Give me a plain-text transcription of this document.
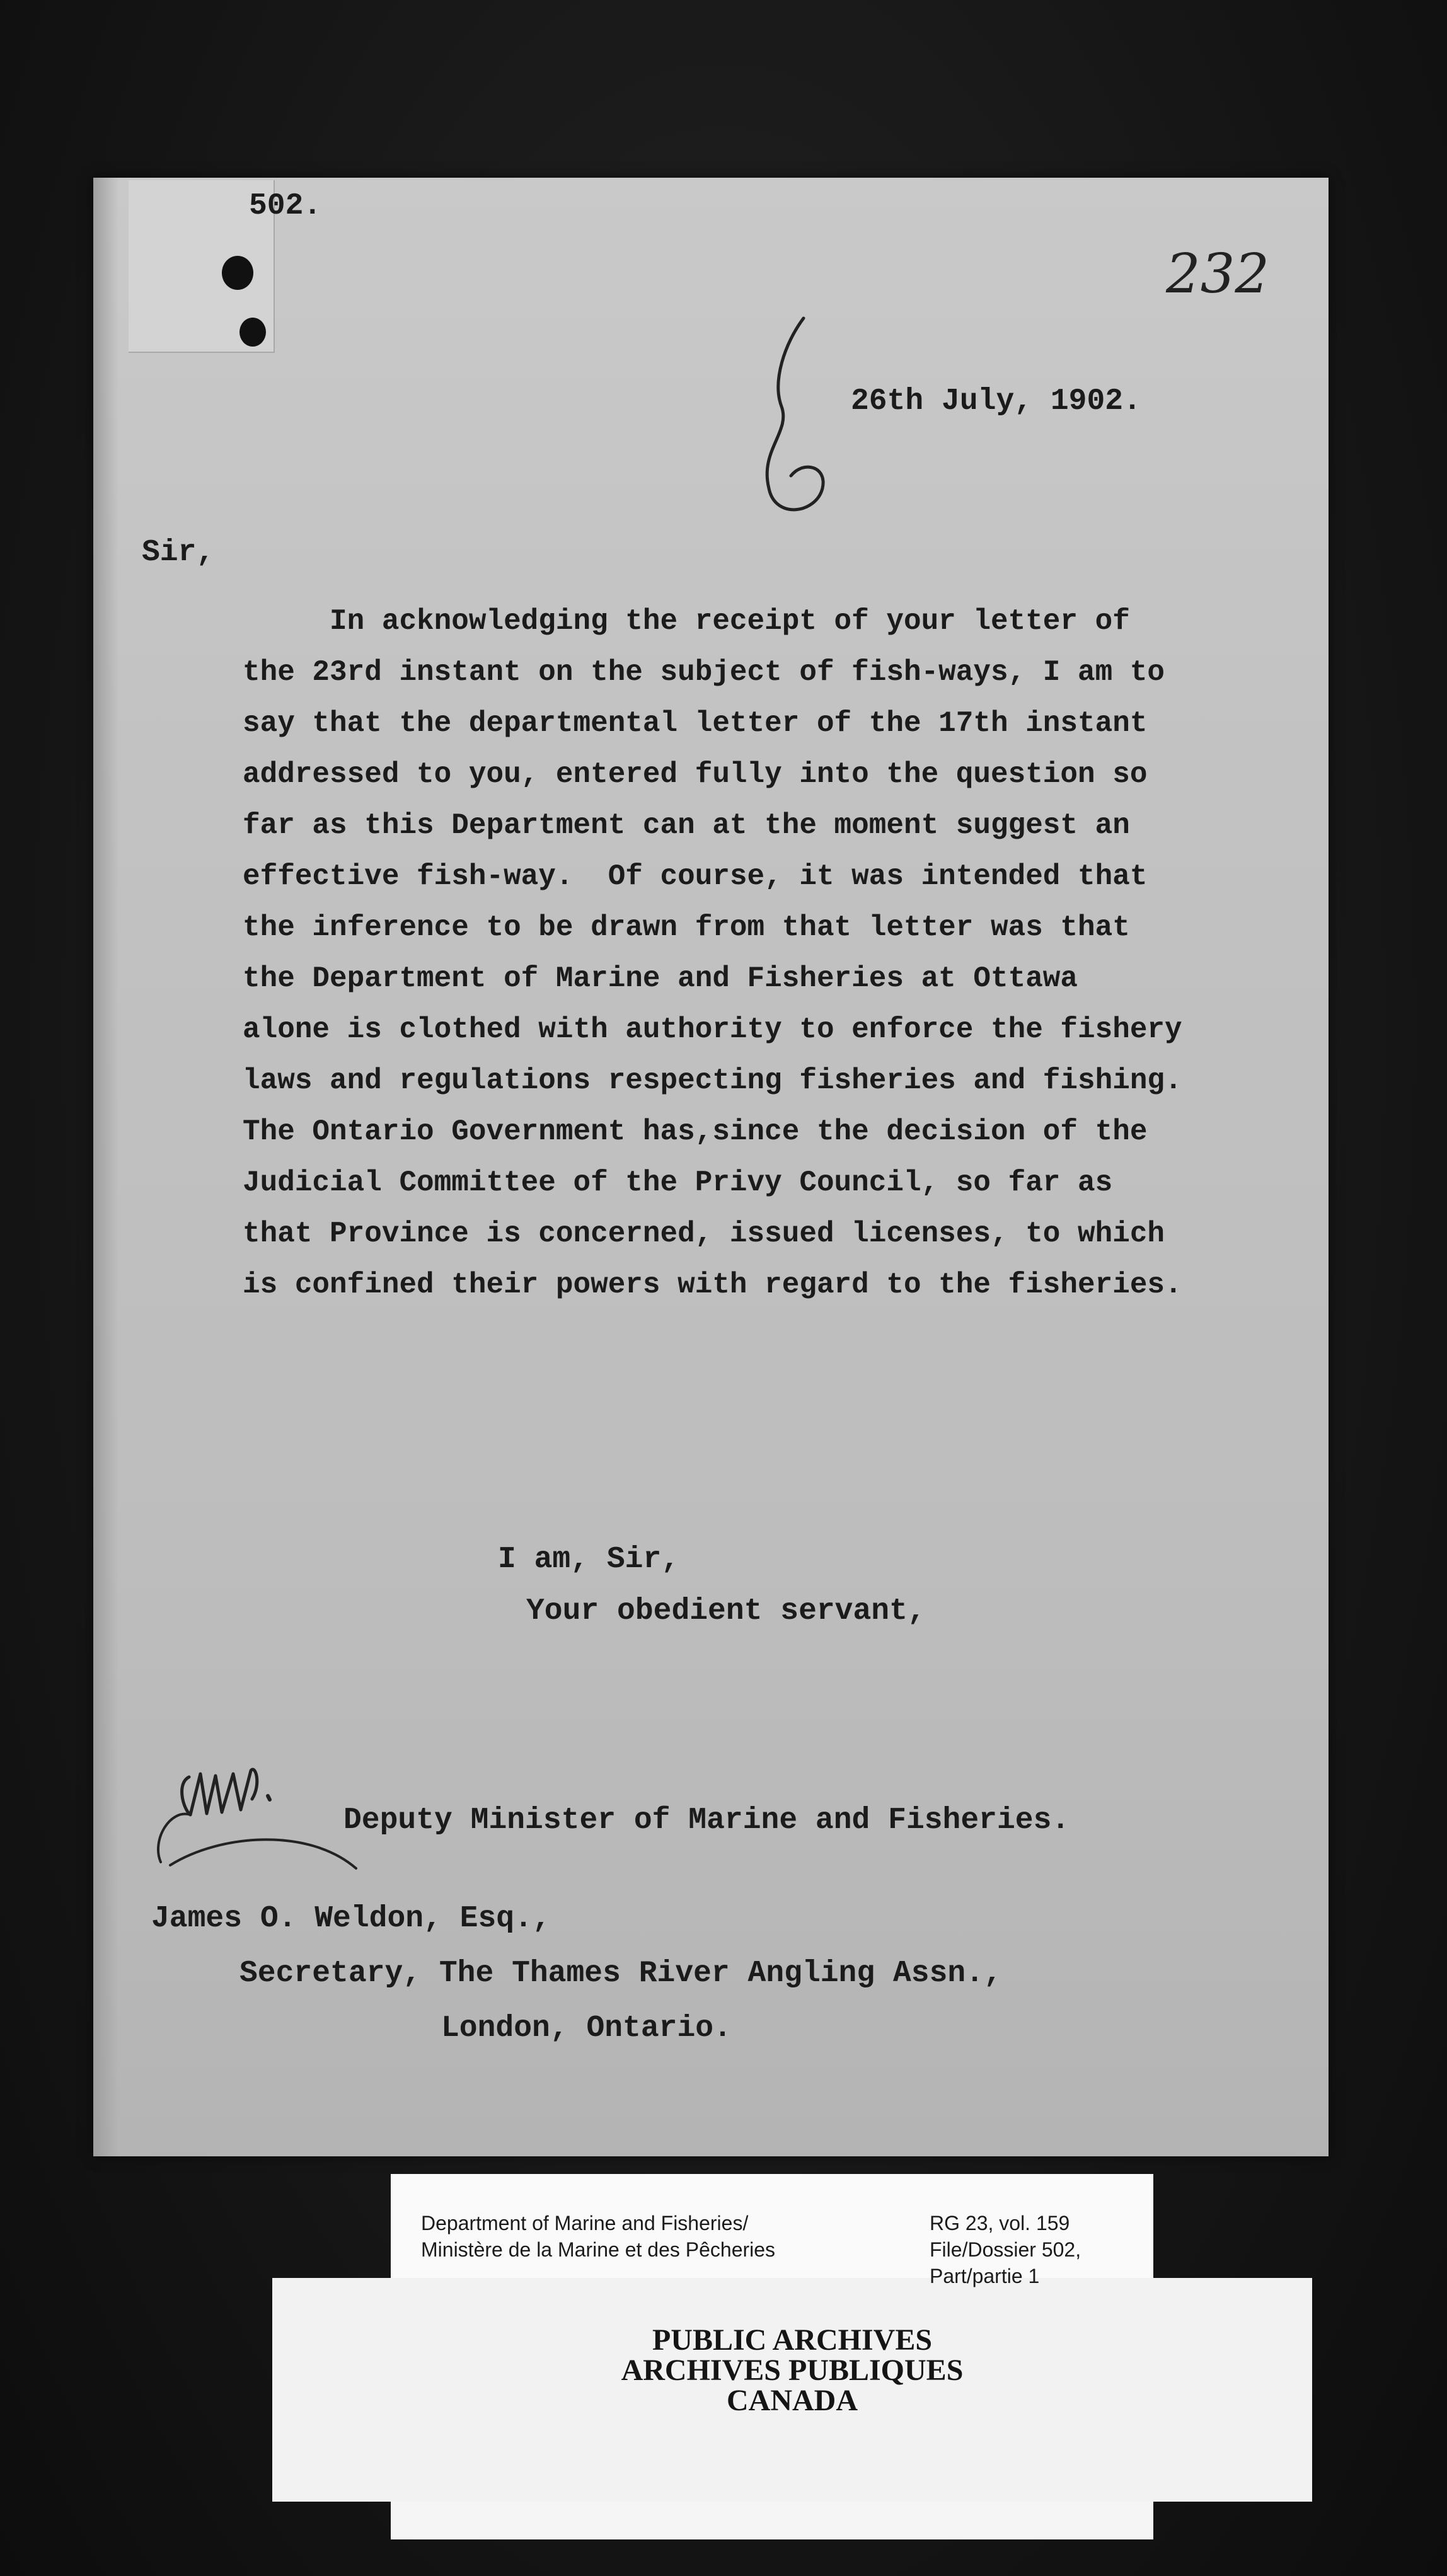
502.
232
26th July, 1902.
Sir,
In acknowledging the receipt of your letter of
the 23rd instant on the subject of fish-ways, I am to
say that the departmental letter of the 17th instant
addressed to you, entered fully into the question so
far as this Department can at the moment suggest an
effective fish-way.  Of course, it was intended that
the inference to be drawn from that letter was that
the Department of Marine and Fisheries at Ottawa
alone is clothed with authority to enforce the fishery
laws and regulations respecting fisheries and fishing.
The Ontario Government has,since the decision of the
Judicial Committee of the Privy Council, so far as
that Province is concerned, issued licenses, to which
is confined their powers with regard to the fisheries.
I am, Sir,
Your obedient servant,
Deputy Minister of Marine and Fisheries.
James O. Weldon, Esq.,
Secretary, The Thames River Angling Assn.,
London, Ontario.
Department of Marine and Fisheries/
Ministère de la Marine et des Pêcheries
RG 23, vol. 159
File/Dossier 502,
Part/partie 1
PUBLIC ARCHIVES
ARCHIVES PUBLIQUES
CANADA
